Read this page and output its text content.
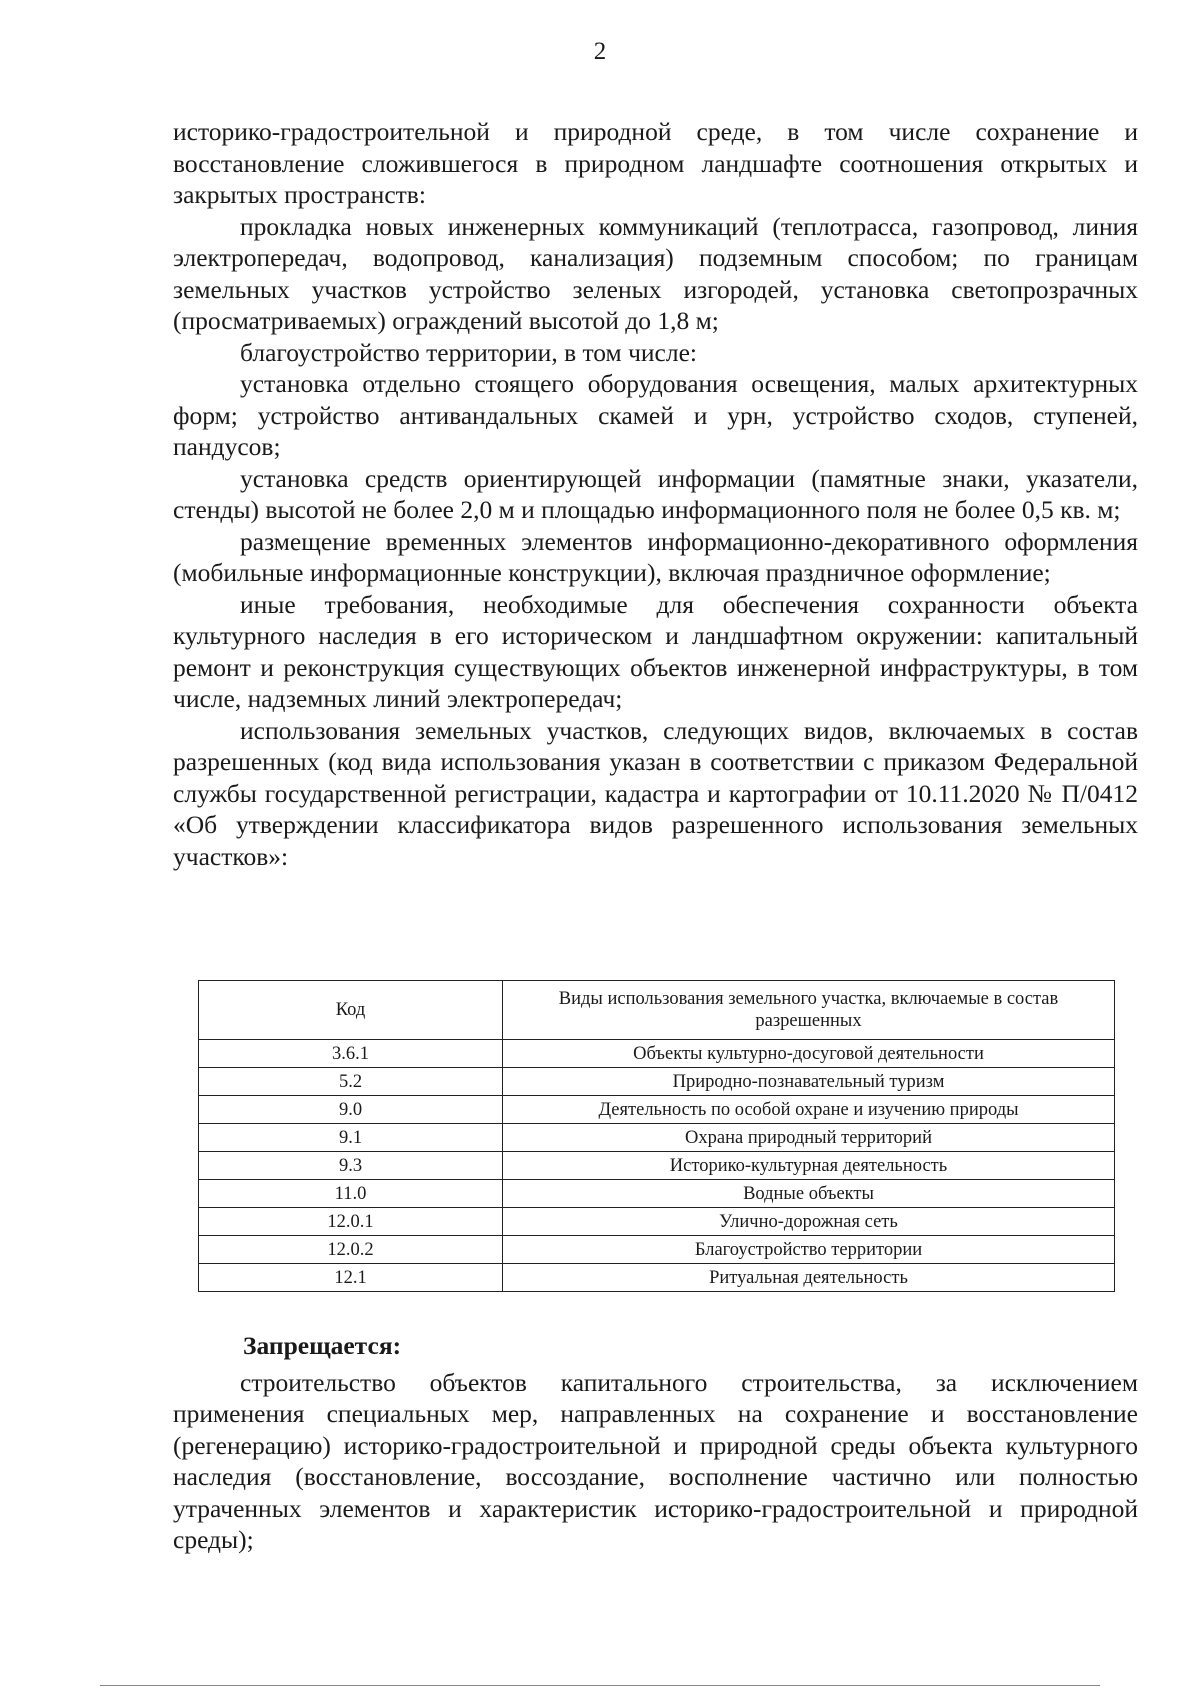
2

историко-градостроительной и природной среде, в том числе сохранение и восстановление сложившегося в природном ландшафте соотношения открытых и закрытых пространств:

прокладка новых инженерных коммуникаций (теплотрасса, газопровод, линия электропередач, водопровод, канализация) подземным способом; по границам земельных участков устройство зеленых изгородей, установка светопрозрачных (просматриваемых) ограждений высотой до 1,8 м;

благоустройство территории, в том числе:

установка отдельно стоящего оборудования освещения, малых архитектурных форм; устройство антивандальных скамей и урн, устройство сходов, ступеней, пандусов;

установка средств ориентирующей информации (памятные знаки, указатели, стенды) высотой не более 2,0 м и площадью информационного поля не более 0,5 кв. м;

размещение временных элементов информационно-декоративного оформления (мобильные информационные конструкции), включая праздничное оформление;

иные требования, необходимые для обеспечения сохранности объекта культурного наследия в его историческом и ландшафтном окружении: капитальный ремонт и реконструкция существующих объектов инженерной инфраструктуры, в том числе, надземных линий электропередач;

использования земельных участков, следующих видов, включаемых в состав разрешенных (код вида использования указан в соответствии с приказом Федеральной службы государственной регистрации, кадастра и картографии от 10.11.2020 № П/0412 «Об утверждении классификатора видов разрешенного использования земельных участков»:

Код	Виды использования земельного участка, включаемые в состав разрешенных
3.6.1	Объекты культурно-досуговой деятельности
5.2	Природно-познавательный туризм
9.0	Деятельность по особой охране и изучению природы
9.1	Охрана природный территорий
9.3	Историко-культурная деятельность
11.0	Водные объекты
12.0.1	Улично-дорожная сеть
12.0.2	Благоустройство территории
12.1	Ритуальная деятельность

Запрещается:

строительство объектов капитального строительства, за исключением применения специальных мер, направленных на сохранение и восстановление (регенерацию) историко-градостроительной и природной среды объекта культурного наследия (восстановление, воссоздание, восполнение частично или полностью утраченных элементов и характеристик историко-градостроительной и природной среды);
